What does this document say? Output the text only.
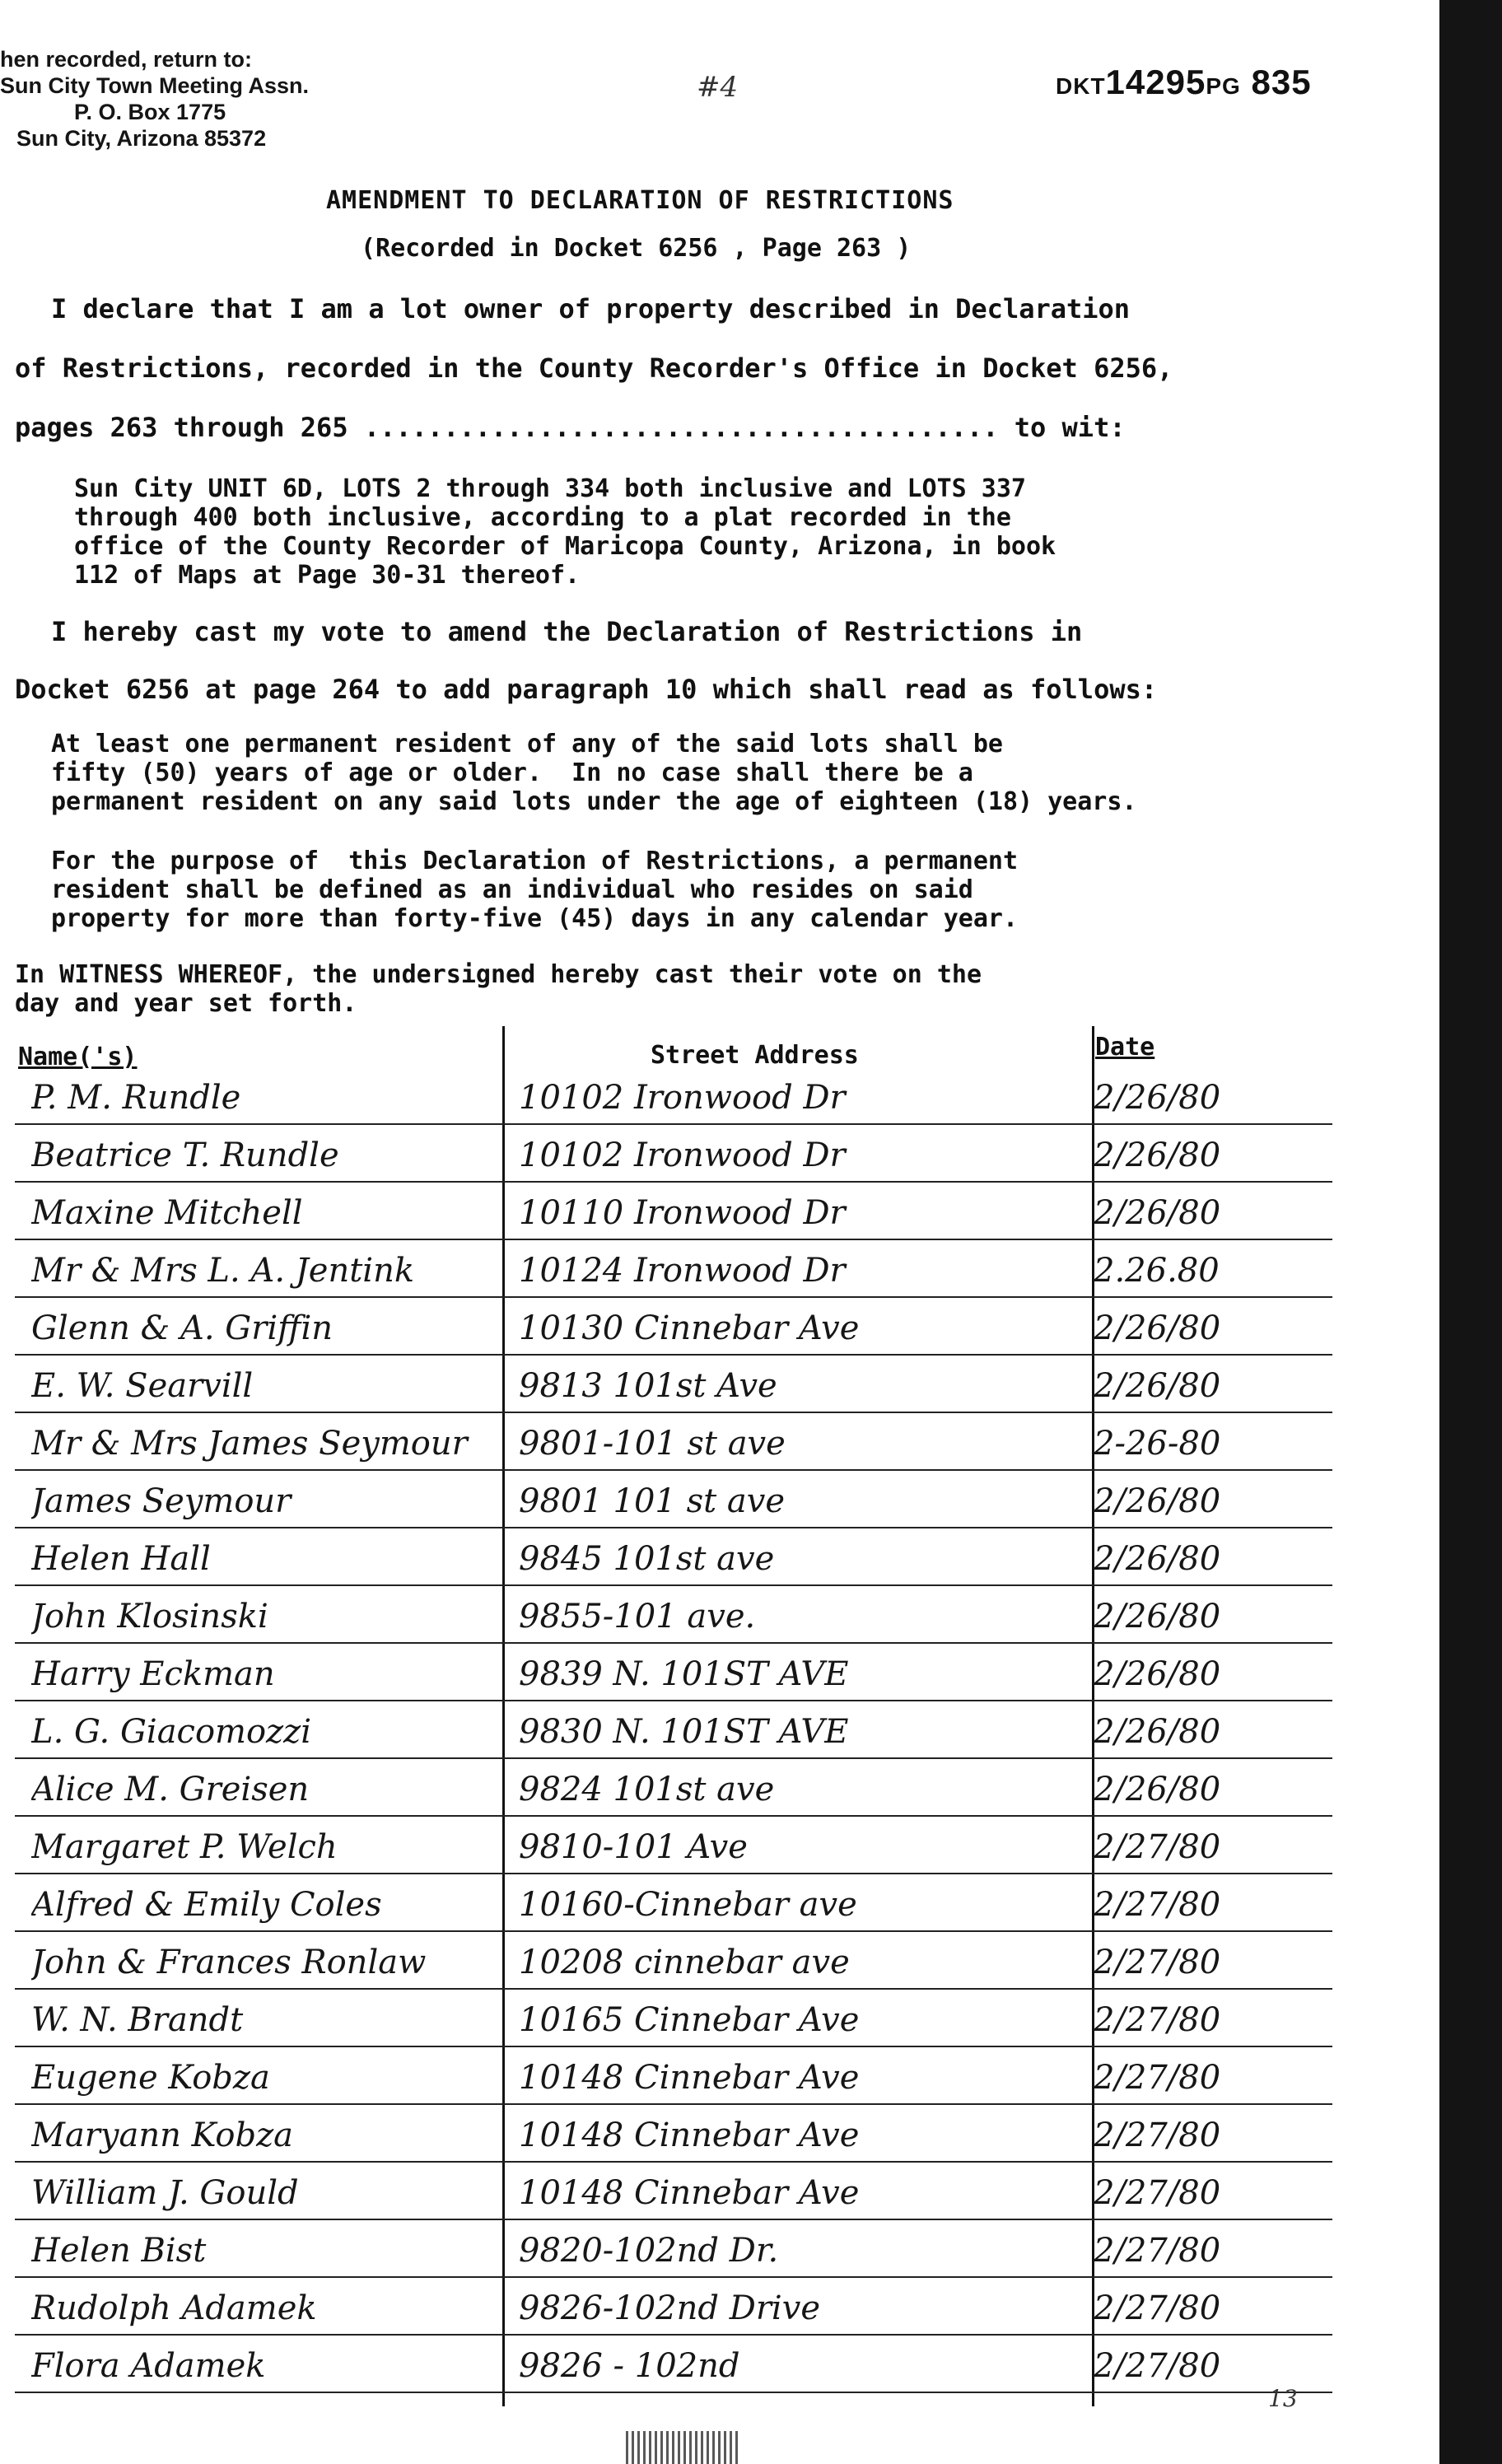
hen recorded, return to:
Sun City Town Meeting Assn.
P. O. Box 1775
Sun City, Arizona 85372
#4	DKT14295PG 835
AMENDMENT TO DECLARATION OF RESTRICTIONS
(Recorded in Docket 6256 , Page 263 )
I declare that I am a lot owner of property described in Declaration
of Restrictions, recorded in the County Recorder's Office in Docket 6256,
pages 263 through 265 ........................................ to wit:
Sun City UNIT 6D, LOTS 2 through 334 both inclusive and LOTS 337
through 400 both inclusive, according to a plat recorded in the
office of the County Recorder of Maricopa County, Arizona, in book
112 of Maps at Page 30-31 thereof.
I hereby cast my vote to amend the Declaration of Restrictions in
Docket 6256 at page 264 to add paragraph 10 which shall read as follows:
At least one permanent resident of any of the said lots shall be
fifty (50) years of age or older.  In no case shall there be a
permanent resident on any said lots under the age of eighteen (18) years.
For the purpose of  this Declaration of Restrictions, a permanent
resident shall be defined as an individual who resides on said
property for more than forty-five (45) days in any calendar year.
In WITNESS WHEREOF, the undersigned hereby cast their vote on the
day and year set forth.
Name('s)	Street Address	Date
P. M. Rundle	10102 Ironwood Dr	2/26/80
Beatrice T. Rundle	10102 Ironwood Dr	2/26/80
Maxine Mitchell	10110 Ironwood Dr	2/26/80
Mr & Mrs L. A. Jentink	10124 Ironwood Dr	2.26.80
Glenn & A. Griffin	10130 Cinnebar Ave	2/26/80
E. W. Searvill	9813 101st Ave	2/26/80
Mr & Mrs James Seymour	9801-101 st ave	2-26-80
James Seymour	9801 101 st ave	2/26/80
Helen Hall	9845 101st ave	2/26/80
John Klosinski	9855-101 ave.	2/26/80
Harry Eckman	9839 N. 101ST AVE	2/26/80
L. G. Giacomozzi	9830 N. 101ST AVE	2/26/80
Alice M. Greisen	9824 101st ave	2/26/80
Margaret P. Welch	9810-101 Ave	2/27/80
Alfred & Emily Coles	10160-Cinnebar ave	2/27/80
John & Frances Ronlaw	10208 cinnebar ave	2/27/80
W. N. Brandt	10165 Cinnebar Ave	2/27/80
Eugene Kobza	10148 Cinnebar Ave	2/27/80
Maryann Kobza	10148 Cinnebar Ave	2/27/80
William J. Gould	10148 Cinnebar Ave	2/27/80
Helen Bist	9820-102nd Dr.	2/27/80
Rudolph Adamek	9826-102nd Drive	2/27/80
Flora Adamek	9826 - 102nd	2/27/80
13
